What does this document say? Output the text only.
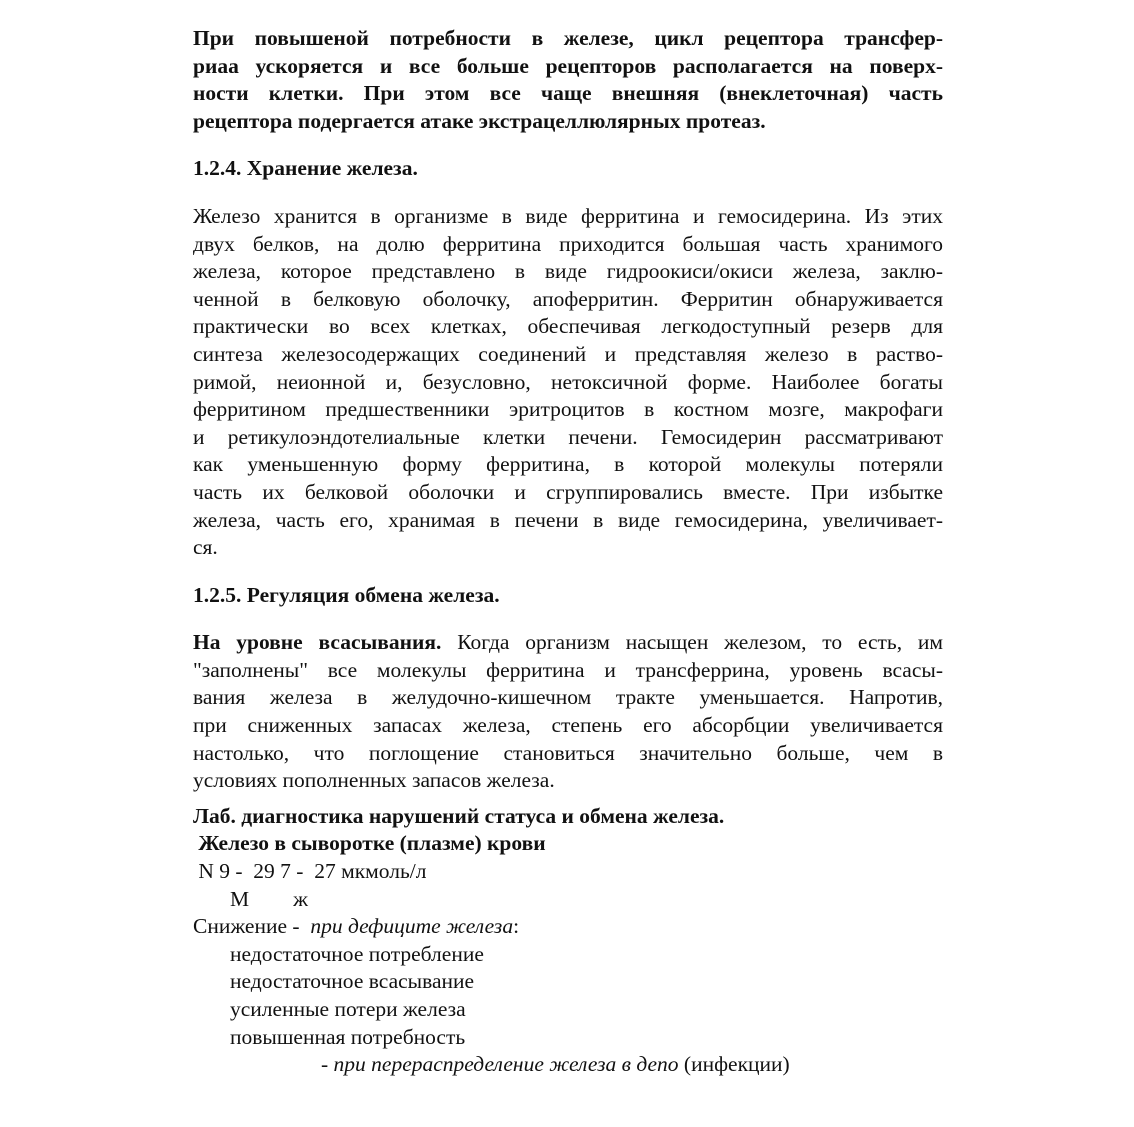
При повышеной потребности в железе, цикл рецептора трансфер-
риаа ускоряется и все больше рецепторов располагается на поверх-
ности клетки. При этом все чаще внешняя (внеклеточная) часть
рецептора подергается атаке экстрацеллюлярных протеаз.
1.2.4. Хранение железа.
Железо хранится в организме в виде ферритина и гемосидерина. Из этих
двух белков, на долю ферритина приходится большая часть хранимого
железа, которое представлено в виде гидроокиси/окиси железа, заклю-
ченной в белковую оболочку, апоферритин. Ферритин обнаруживается
практически во всех клетках, обеспечивая легкодоступный резерв для
синтеза железосодержащих соединений и представляя железо в раство-
римой, неионной и, безусловно, нетоксичной форме. Наиболее богаты
ферритином предшественники эритроцитов в костном мозге, макрофаги
и ретикулоэндотелиальные клетки печени. Гемосидерин рассматривают
как уменьшенную форму ферритина, в которой молекулы потеряли
часть их белковой оболочки и сгруппировались вместе. При избытке
железа, часть его, хранимая в печени в виде гемосидерина, увеличивает-
ся.
1.2.5. Регуляция обмена железа.
На уровне всасывания. Когда организм насыщен железом, то есть, им
"заполнены" все молекулы ферритина и трансферрина, уровень всасы-
вания железа в желудочно-кишечном тракте уменьшается. Напротив,
при сниженных запасах железа, степень его абсорбции увеличивается
настолько, что поглощение становиться значительно больше, чем в
условиях пополненных запасов железа.
Лаб. диагностика нарушений статуса и обмена железа.
Железо в сыворотке (плазме) крови
N 9 -  29 7 -  27 мкмоль/л
М ж
Снижение -  при дефиците железа:
недостаточное потребление
недостаточное всасывание
усиленные потери железа
повышенная потребность
- при перераспределение железа в депо (инфекции)
